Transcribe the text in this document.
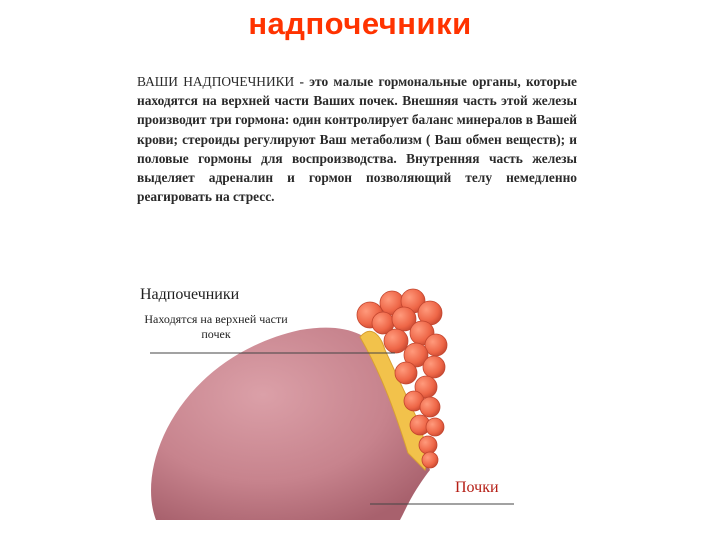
надпочечники

ВАШИ НАДПОЧЕЧНИКИ - это малые гормональные органы, которые находятся на верхней части Ваших почек. Внешняя часть этой железы производит три гормона: один контролирует баланс минералов в Вашей крови; стероиды регулируют Ваш метаболизм ( Ваш обмен веществ); и половые гормоны для воспроизводства. Внутренняя часть железы выделяет адреналин и гормон позволяющий телу немедленно реагировать на стресс.

Надпочечники
Находятся на верхней части почек
Почки
